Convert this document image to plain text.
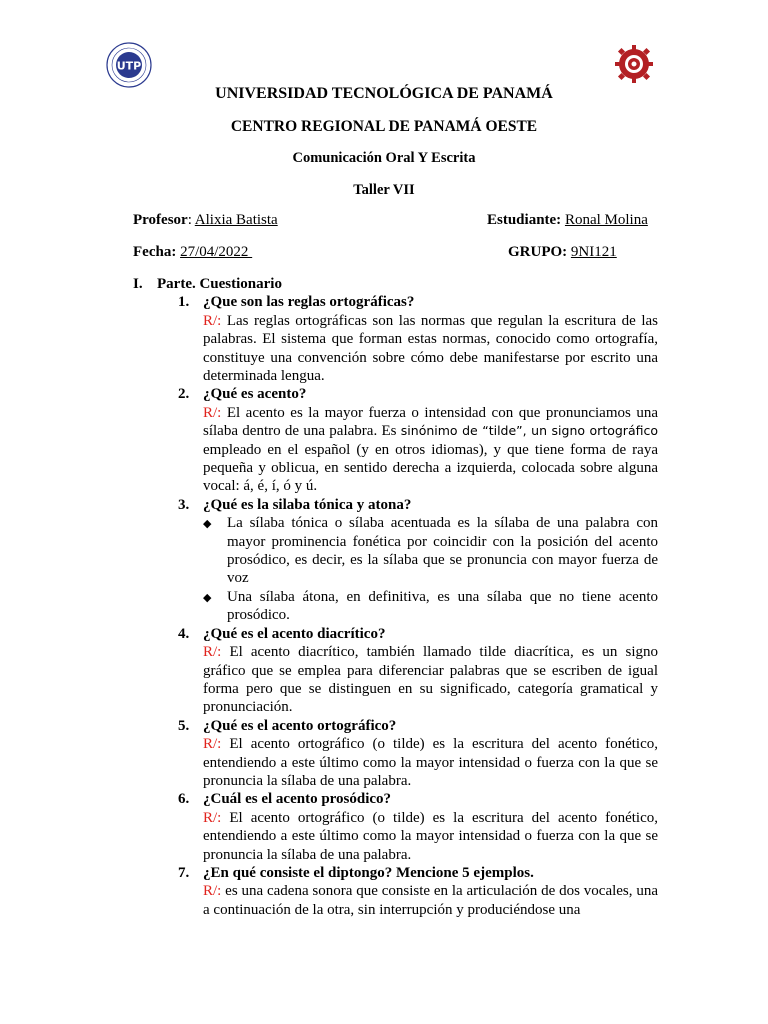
UTP
UNIVERSIDAD TECNOLÓGICA DE PANAMÁ
CENTRO REGIONAL DE PANAMÁ OESTE
Comunicación Oral Y Escrita
Taller VII
Profesor: Alixia Batista	Estudiante: Ronal Molina
Fecha: 27/04/2022	GRUPO: 9NI121
I. Parte. Cuestionario
1. ¿Que son las reglas ortográficas?
R/: Las reglas ortográficas son las normas que regulan la escritura de las palabras. El sistema que forman estas normas, conocido como ortografía, constituye una convención sobre cómo debe manifestarse por escrito una determinada lengua.
2. ¿Qué es acento?
R/: El acento es la mayor fuerza o intensidad con que pronunciamos una sílaba dentro de una palabra. Es sinónimo de “tilde”, un signo ortográfico empleado en el español (y en otros idiomas), y que tiene forma de raya pequeña y oblicua, en sentido derecha a izquierda, colocada sobre alguna vocal: á, é, í, ó y ú.
3. ¿Qué es la silaba tónica y atona?
◆ La sílaba tónica o sílaba acentuada es la sílaba de una palabra con mayor prominencia fonética por coincidir con la posición del acento prosódico, es decir, es la sílaba que se pronuncia con mayor fuerza de voz
◆ Una sílaba átona, en definitiva, es una sílaba que no tiene acento prosódico.
4. ¿Qué es el acento diacrítico?
R/: El acento diacrítico, también llamado tilde diacrítica, es un signo gráfico que se emplea para diferenciar palabras que se escriben de igual forma pero que se distinguen en su significado, categoría gramatical y pronunciación.
5. ¿Qué es el acento ortográfico?
R/: El acento ortográfico (o tilde) es la escritura del acento fonético, entendiendo a este último como la mayor intensidad o fuerza con la que se pronuncia la sílaba de una palabra.
6. ¿Cuál es el acento prosódico?
R/: El acento ortográfico (o tilde) es la escritura del acento fonético, entendiendo a este último como la mayor intensidad o fuerza con la que se pronuncia la sílaba de una palabra.
7. ¿En qué consiste el diptongo? Mencione 5 ejemplos.
R/: es una cadena sonora que consiste en la articulación de dos vocales, una a continuación de la otra, sin interrupción y produciéndose una
